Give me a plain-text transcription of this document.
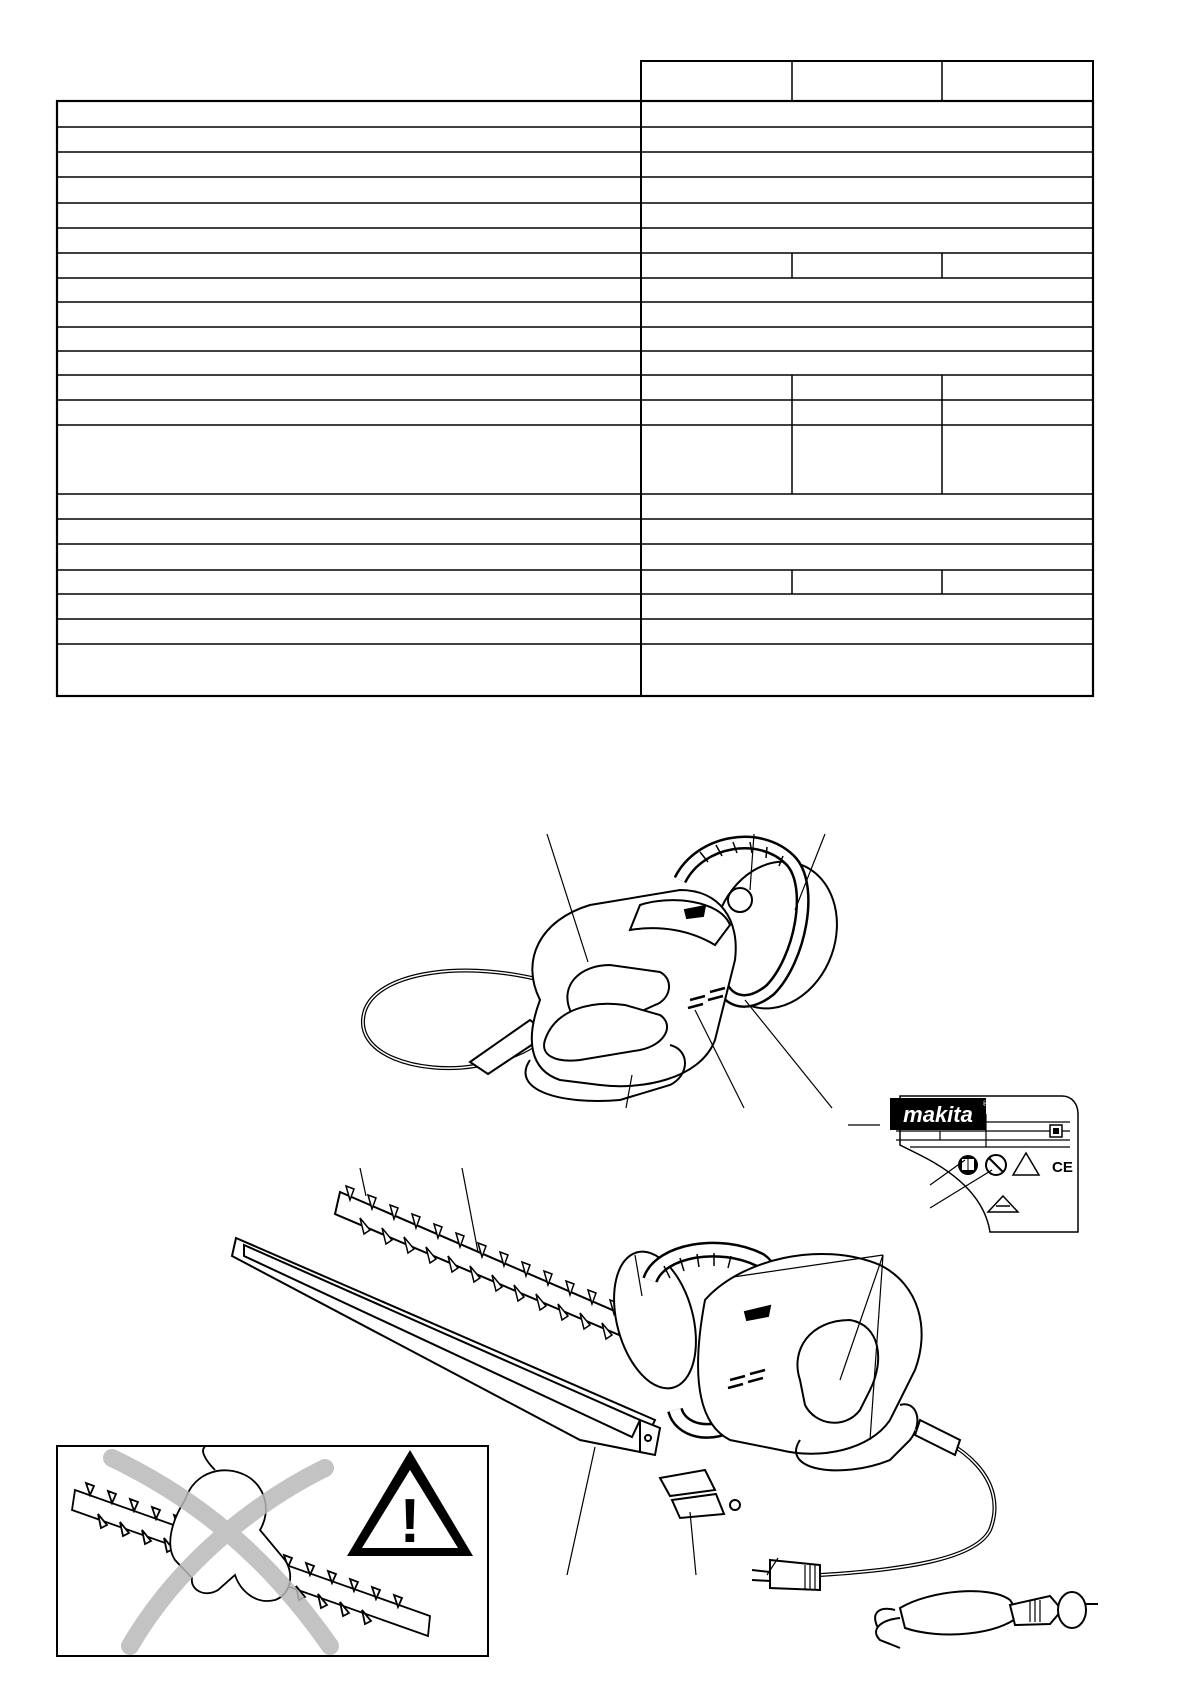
makita ®
CE
!
